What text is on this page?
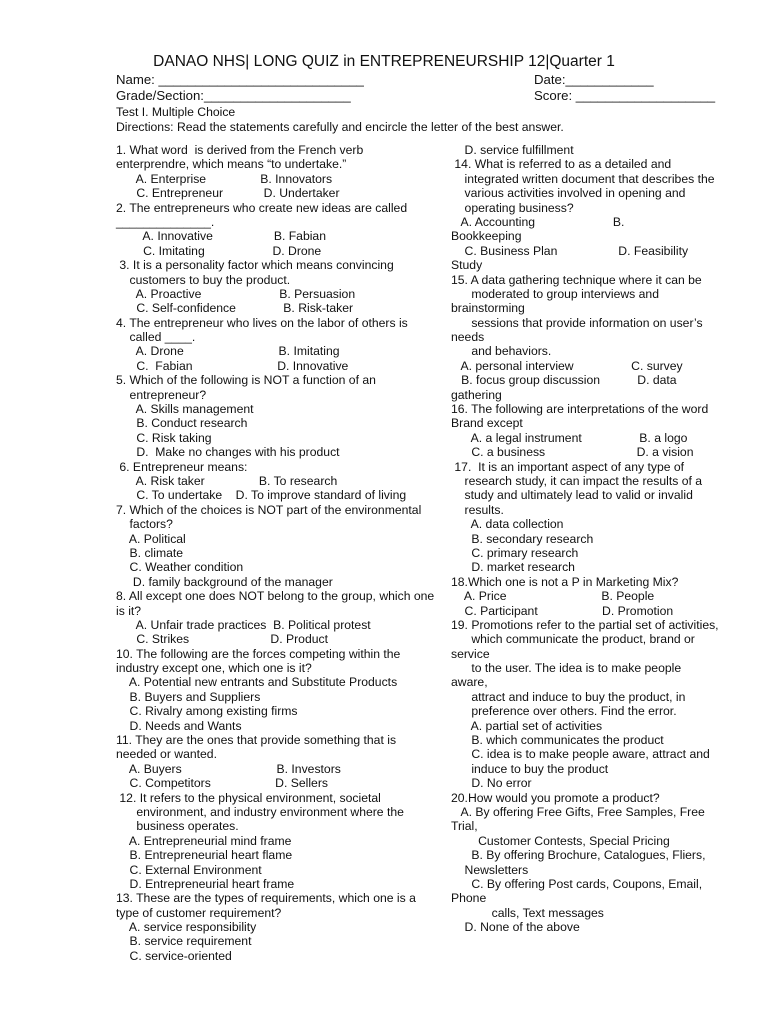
DANAO NHS| LONG QUIZ in ENTREPRENEURSHIP 12|Quarter 1
Name: ____________________________	Date:____________
Grade/Section:____________________	Score: ___________________
Test I. Multiple Choice
Directions: Read the statements carefully and encircle the letter of the best answer.
1. What word  is derived from the French verb
enterprendre, which means “to undertake.”
A. Enterprise                B. Innovators
C. Entrepreneur            D. Undertaker
2. The entrepreneurs who create new ideas are called
______________.
A. Innovative                  B. Fabian
C. Imitating                    D. Drone
3. It is a personality factor which means convincing
customers to buy the product.
A. Proactive                       B. Persuasion
C. Self-confidence              B. Risk-taker
4. The entrepreneur who lives on the labor of others is
called ____.
A. Drone                            B. Imitating
C.  Fabian                         D. Innovative
5. Which of the following is NOT a function of an
entrepreneur?
A. Skills management
B. Conduct research
C. Risk taking
D.  Make no changes with his product
6. Entrepreneur means:
A. Risk taker                B. To research
C. To undertake    D. To improve standard of living
7. Which of the choices is NOT part of the environmental
factors?
A. Political
B. climate
C. Weather condition
D. family background of the manager
8. All except one does NOT belong to the group, which one
is it?
A. Unfair trade practices  B. Political protest
C. Strikes                        D. Product
10. The following are the forces competing within the
industry except one, which one is it?
A. Potential new entrants and Substitute Products
B. Buyers and Suppliers
C. Rivalry among existing firms
D. Needs and Wants
11. They are the ones that provide something that is
needed or wanted.
A. Buyers                            B. Investors
C. Competitors                   D. Sellers
12. It refers to the physical environment, societal
environment, and industry environment where the
business operates.
A. Entrepreneurial mind frame
B. Entrepreneurial heart flame
C. External Environment
D. Entrepreneurial heart frame
13. These are the types of requirements, which one is a
type of customer requirement?
A. service responsibility
B. service requirement
C. service-oriented
D. service fulfillment
14. What is referred to as a detailed and
integrated written document that describes the
various activities involved in opening and
operating business?
A. Accounting                       B.
Bookkeeping
C. Business Plan                  D. Feasibility
Study
15. A data gathering technique where it can be
moderated to group interviews and
brainstorming
sessions that provide information on user’s
needs
and behaviors.
A. personal interview                 C. survey
B. focus group discussion           D. data
gathering
16. The following are interpretations of the word
Brand except
A. a legal instrument                 B. a logo
C. a business                           D. a vision
17.  It is an important aspect of any type of
research study, it can impact the results of a
study and ultimately lead to valid or invalid
results.
A. data collection
B. secondary research
C. primary research
D. market research
18.Which one is not a P in Marketing Mix?
A. Price                            B. People
C. Participant                   D. Promotion
19. Promotions refer to the partial set of activities,
which communicate the product, brand or
service
to the user. The idea is to make people
aware,
attract and induce to buy the product, in
preference over others. Find the error.
A. partial set of activities
B. which communicates the product
C. idea is to make people aware, attract and
induce to buy the product
D. No error
20.How would you promote a product?
A. By offering Free Gifts, Free Samples, Free
Trial,
Customer Contests, Special Pricing
B. By offering Brochure, Catalogues, Fliers,
Newsletters
C. By offering Post cards, Coupons, Email,
Phone
calls, Text messages
D. None of the above
